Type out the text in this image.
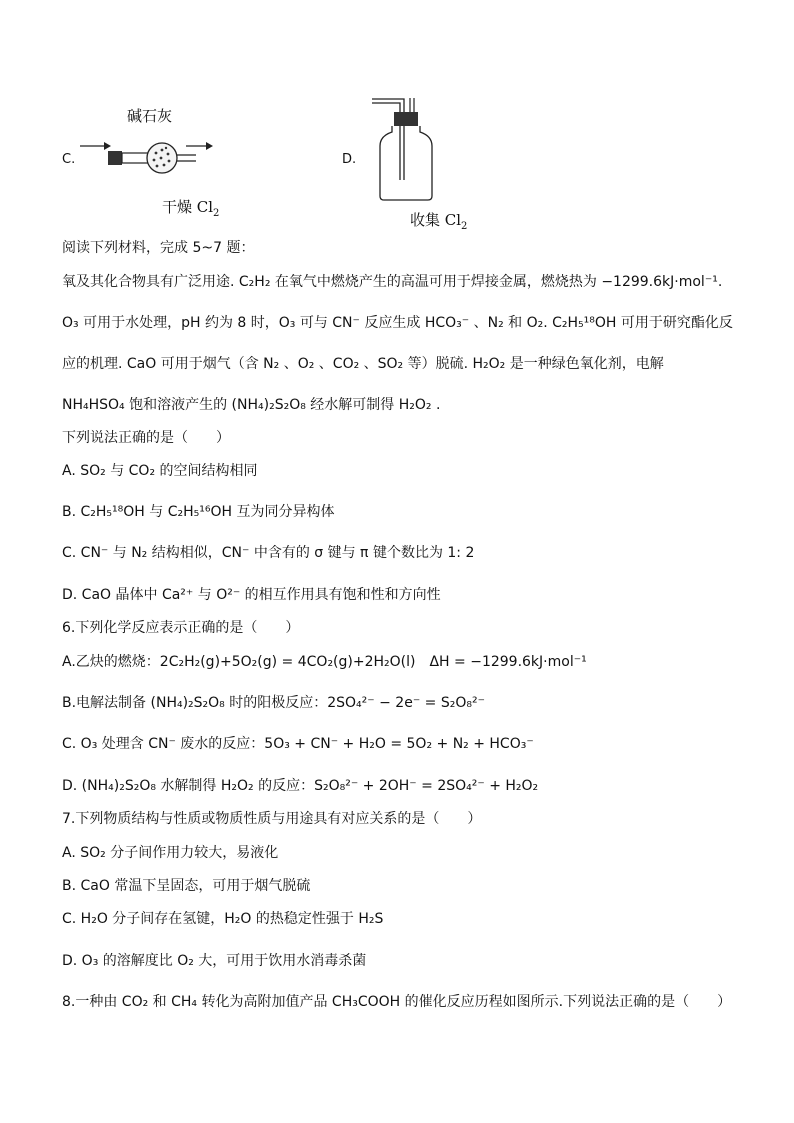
C.
碱石灰
干燥 $Cl_2$
D.
收集 $Cl_2$
阅读下列材料，完成 5~7 题：
氧及其化合物具有广泛用途. C₂H₂ 在氧气中燃烧产生的高温可用于焊接金属，燃烧热为 −1299.6kJ·mol⁻¹.
O₃ 可用于水处理，pH 约为 8 时，O₃ 可与 CN⁻ 反应生成 HCO₃⁻ 、N₂ 和 O₂. C₂H₅¹⁸OH 可用于研究酯化反
应的机理. CaO 可用于烟气（含 N₂ 、O₂ 、CO₂ 、SO₂ 等）脱硫. H₂O₂ 是一种绿色氧化剂，电解
NH₄HSO₄ 饱和溶液产生的 (NH₄)₂S₂O₈ 经水解可制得 H₂O₂ .
下列说法正确的是（　　）
A. SO₂ 与 CO₂ 的空间结构相同
B. C₂H₅¹⁸OH 与 C₂H₅¹⁶OH 互为同分异构体
C. CN⁻ 与 N₂ 结构相似，CN⁻ 中含有的 σ 键与 π 键个数比为 1: 2
D. CaO 晶体中 Ca²⁺ 与 O²⁻ 的相互作用具有饱和性和方向性
6.下列化学反应表示正确的是（　　）
A.乙炔的燃烧：2C₂H₂(g)+5O₂(g) = 4CO₂(g)+2H₂O(l)　ΔH = −1299.6kJ·mol⁻¹
B.电解法制备 (NH₄)₂S₂O₈ 时的阳极反应：2SO₄²⁻ − 2e⁻ = S₂O₈²⁻
C. O₃ 处理含 CN⁻ 废水的反应：5O₃ + CN⁻ + H₂O = 5O₂ + N₂ + HCO₃⁻
D. (NH₄)₂S₂O₈ 水解制得 H₂O₂ 的反应：S₂O₈²⁻ + 2OH⁻ = 2SO₄²⁻ + H₂O₂
7.下列物质结构与性质或物质性质与用途具有对应关系的是（　　）
A. SO₂ 分子间作用力较大，易液化
B. CaO 常温下呈固态，可用于烟气脱硫
C. H₂O 分子间存在氢键，H₂O 的热稳定性强于 H₂S
D. O₃ 的溶解度比 O₂ 大，可用于饮用水消毒杀菌
8.一种由 CO₂ 和 CH₄ 转化为高附加值产品 CH₃COOH 的催化反应历程如图所示.下列说法正确的是（　　）
